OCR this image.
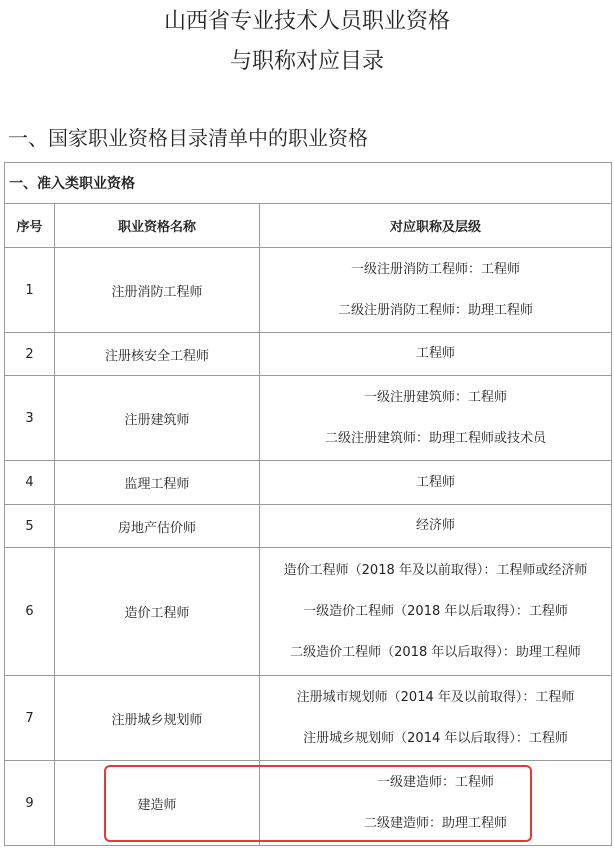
山西省专业技术人员职业资格
与职称对应目录
一、国家职业资格目录清单中的职业资格
一、准入类职业资格		
序号	职业资格名称	对应职称及层级
1	注册消防工程师	一级注册消防工程师：工程师
二级注册消防工程师：助理工程师

2	注册核安全工程师	工程师

3	注册建筑师	一级注册建筑师：工程师
二级注册建筑师：助理工程师或技术员

4	监理工程师	工程师

5	房地产估价师	经济师

6	造价工程师	造价工程师（2018 年及以前取得）：工程师或经济师
一级造价工程师（2018 年以后取得）：工程师
二级造价工程师（2018 年以后取得）：助理工程师

7	注册城乡规划师	注册城市规划师（2014 年及以前取得）：工程师
注册城乡规划师（2014 年以后取得）：工程师

9	建造师	一级建造师：工程师
二级建造师：助理工程师
